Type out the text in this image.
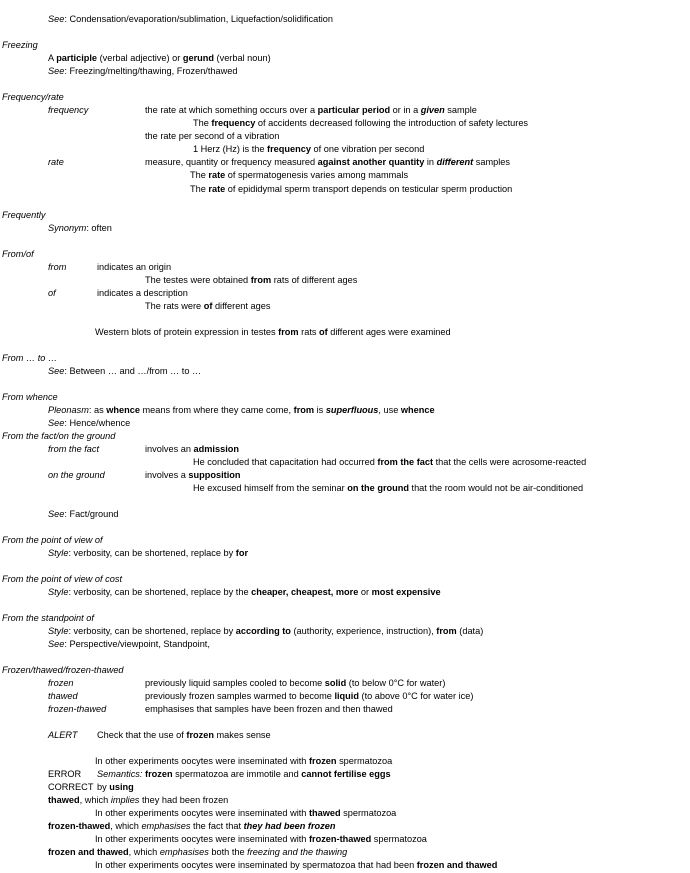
See: Condensation/evaporation/sublimation, Liquefaction/solidification
Freezing
A participle (verbal adjective) or gerund (verbal noun)
See: Freezing/melting/thawing, Frozen/thawed
Frequency/rate
frequency	the rate at which something occurs over a particular period or in a given sample
The frequency of accidents decreased following the introduction of safety lectures
the rate per second of a vibration
1 Herz (Hz) is the frequency of one vibration per second
rate	measure, quantity or frequency measured against another quantity in different samples
The rate of spermatogenesis varies among mammals
The rate of epididymal sperm transport depends on testicular sperm production
Frequently
Synonym: often
From/of
from	indicates an origin
The testes were obtained from rats of different ages
of	indicates a description
The rats were of different ages
Western blots of protein expression in testes from rats of different ages were examined
From … to …
See: Between … and …/from … to …
From whence
Pleonasm: as whence means from where they came come, from is superfluous, use whence
See: Hence/whence
From the fact/on the ground
from the fact	involves an admission
He concluded that capacitation had occurred from the fact that the cells were acrosome-reacted
on the ground	involves a supposition
He excused himself from the seminar on the ground that the room would not be air-conditioned
See: Fact/ground
From the point of view of
Style: verbosity, can be shortened, replace by for
From the point of view of cost
Style: verbosity, can be shortened, replace by the cheaper, cheapest, more or most expensive
From the standpoint of
Style: verbosity, can be shortened, replace by according to (authority, experience, instruction), from (data)
See: Perspective/viewpoint, Standpoint,
Frozen/thawed/frozen-thawed
frozen	previously liquid samples cooled to become solid (to below 0°C for water)
thawed	previously frozen samples warmed to become liquid (to above 0°C for water ice)
frozen-thawed	emphasises that samples have been frozen and then thawed
ALERT Check that the use of frozen makes sense
In other experiments oocytes were inseminated with frozen spermatozoa
ERROR Semantics: frozen spermatozoa are immotile and cannot fertilise eggs
CORRECT by using
thawed, which implies they had been frozen
In other experiments oocytes were inseminated with thawed spermatozoa
frozen-thawed, which emphasises the fact that they had been frozen
In other experiments oocytes were inseminated with frozen-thawed spermatozoa
frozen and thawed, which emphasises both the freezing and the thawing
In other experiments oocytes were inseminated by spermatozoa that had been frozen and thawed
